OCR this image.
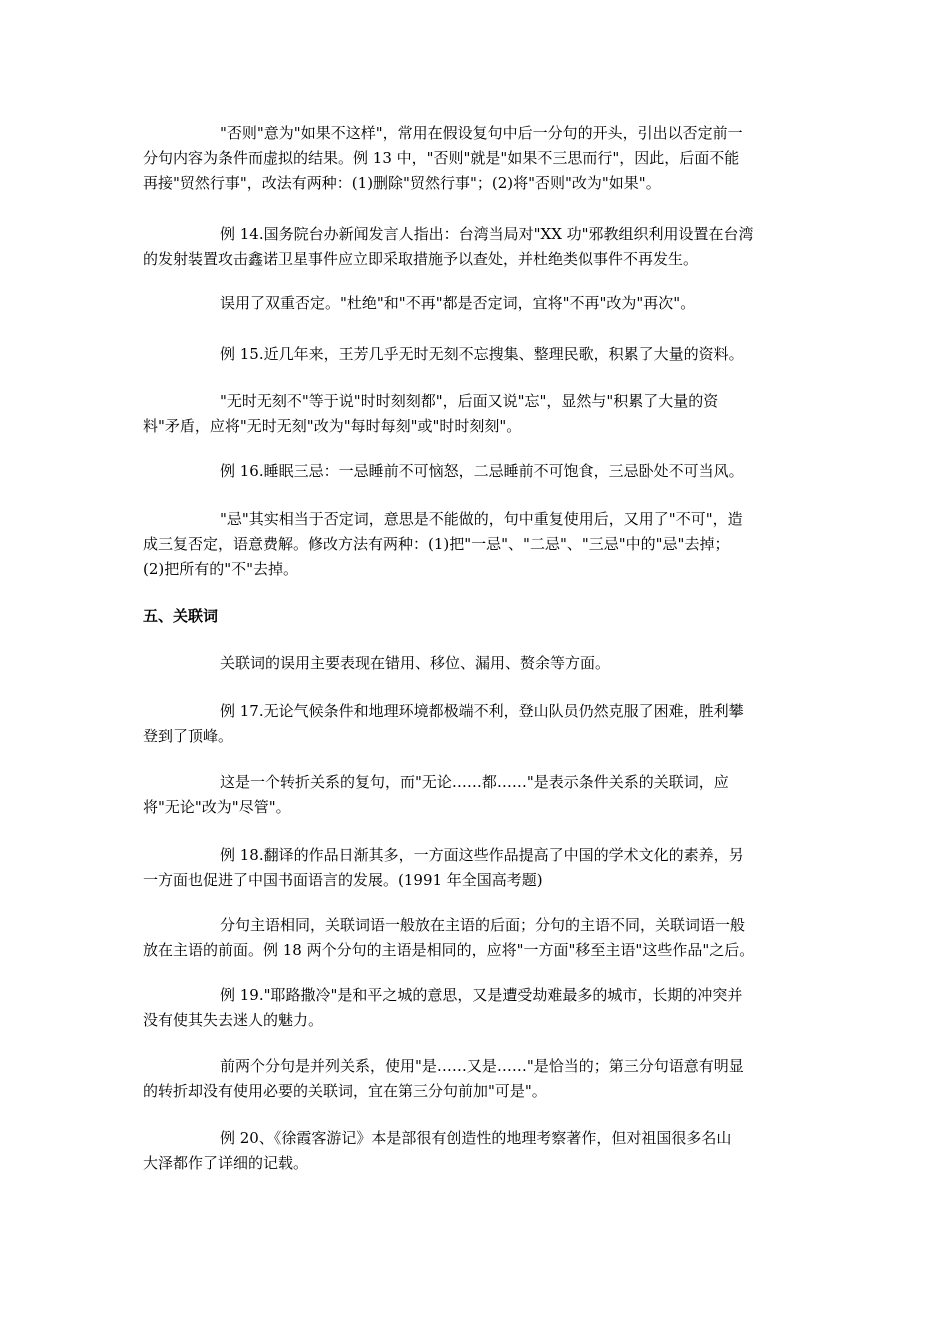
"否则"意为"如果不这样"，常用在假设复句中后一分句的开头，引出以否定前一
分句内容为条件而虚拟的结果。例 13 中，"否则"就是"如果不三思而行"，因此，后面不能
再接"贸然行事"，改法有两种：(1)删除"贸然行事"；(2)将"否则"改为"如果"。

例 14.国务院台办新闻发言人指出：台湾当局对"XX 功"邪教组织利用设置在台湾
的发射装置攻击鑫诺卫星事件应立即采取措施予以查处，并杜绝类似事件不再发生。

误用了双重否定。"杜绝"和"不再"都是否定词，宜将"不再"改为"再次"。

例 15.近几年来，王芳几乎无时无刻不忘搜集、整理民歌，积累了大量的资料。

"无时无刻不"等于说"时时刻刻都"，后面又说"忘"，显然与"积累了大量的资
料"矛盾，应将"无时无刻"改为"每时每刻"或"时时刻刻"。

例 16.睡眠三忌：一忌睡前不可恼怒，二忌睡前不可饱食，三忌卧处不可当风。

"忌"其实相当于否定词，意思是不能做的，句中重复使用后，又用了"不可"，造
成三复否定，语意费解。修改方法有两种：(1)把"一忌"、"二忌"、"三忌"中的"忌"去掉；
(2)把所有的"不"去掉。

五、关联词

关联词的误用主要表现在错用、移位、漏用、赘余等方面。

例 17.无论气候条件和地理环境都极端不利，登山队员仍然克服了困难，胜利攀
登到了顶峰。

这是一个转折关系的复句，而"无论……都……"是表示条件关系的关联词，应
将"无论"改为"尽管"。

例 18.翻译的作品日渐其多，一方面这些作品提高了中国的学术文化的素养，另
一方面也促进了中国书面语言的发展。(1991 年全国高考题)

分句主语相同，关联词语一般放在主语的后面；分句的主语不同，关联词语一般
放在主语的前面。例 18 两个分句的主语是相同的，应将"一方面"移至主语"这些作品"之后。

例 19."耶路撒冷"是和平之城的意思，又是遭受劫难最多的城市，长期的冲突并
没有使其失去迷人的魅力。

前两个分句是并列关系，使用"是……又是……"是恰当的；第三分句语意有明显
的转折却没有使用必要的关联词，宜在第三分句前加"可是"。

例 20、《徐霞客游记》本是部很有创造性的地理考察著作，但对祖国很多名山
大泽都作了详细的记载。
